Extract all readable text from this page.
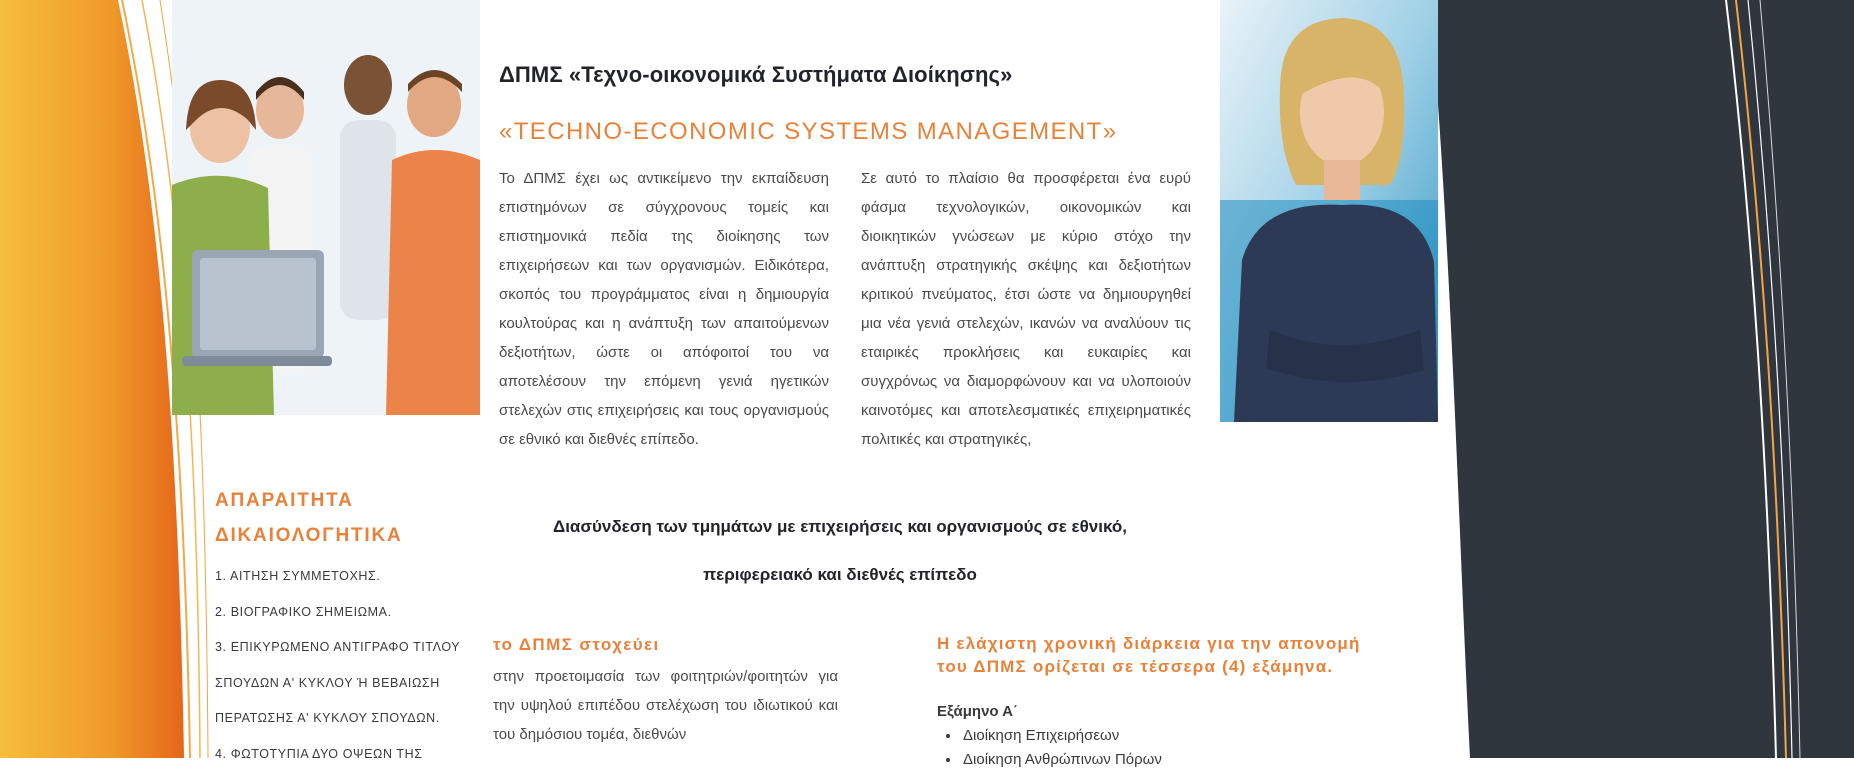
ΔΠΜΣ «Τεχνο-οικονομικά Συστήματα Διοίκησης»
«TECHNO-ECONOMIC SYSTEMS MANAGEMENT»
Το ΔΠΜΣ έχει ως αντικείμενο την εκπαίδευση επιστημόνων σε σύγχρονους τομείς και επιστημονικά πεδία της διοίκησης των επιχειρήσεων και των οργανισμών. Ειδικότερα, σκοπός του προγράμματος είναι η δημιουργία κουλτούρας και η ανάπτυξη των απαιτούμενων δεξιοτήτων, ώστε οι απόφοιτοί του να αποτελέσουν την επόμενη γενιά ηγετικών στελεχών στις επιχειρήσεις και τους οργανισμούς σε εθνικό και διεθνές επίπεδο.
Σε αυτό το πλαίσιο θα προσφέρεται ένα ευρύ φάσμα τεχνολογικών, οικονομικών και διοικητικών γνώσεων με κύριο στόχο την ανάπτυξη στρατηγικής σκέψης και δεξιοτήτων κριτικού πνεύματος, έτσι ώστε να δημιουργηθεί μια νέα γενιά στελεχών, ικανών να αναλύουν τις εταιρικές προκλήσεις και ευκαιρίες και συγχρόνως να διαμορφώνουν και να υλοποιούν καινοτόμες και αποτελεσματικές επιχειρηματικές πολιτικές και στρατηγικές,
Διασύνδεση των τμημάτων με επιχειρήσεις και οργανισμούς σε εθνικό,
περιφερειακό και διεθνές επίπεδο
ΑΠΑΡΑΙΤΗΤΑ
ΔΙΚΑΙΟΛΟΓΗΤΙΚΑ
1. ΑΙΤΗΣΗ ΣΥΜΜΕΤΟΧΗΣ.
2. ΒΙΟΓΡΑΦΙΚΟ ΣΗΜΕΙΩΜΑ.
3. ΕΠΙΚΥΡΩΜΕΝΟ ΑΝΤΙΓΡΑΦΟ ΤΙΤΛΟΥ
ΣΠΟΥΔΩΝ Α' ΚΥΚΛΟΥ Ή ΒΕΒΑΙΩΣΗ
ΠΕΡΑΤΩΣΗΣ Α' ΚΥΚΛΟΥ ΣΠΟΥΔΩΝ.
4. ΦΩΤΟΤΥΠΙΑ ΔΥΟ ΟΨΕΩΝ ΤΗΣ
το ΔΠΜΣ στοχεύει
στην προετοιμασία των φοιτητριών/φοιτητών για την υψηλού επιπέδου στελέχωση του ιδιωτικού και του δημόσιου τομέα, διεθνών
Η ελάχιστη χρονική διάρκεια για την απονομή του ΔΠΜΣ ορίζεται σε τέσσερα (4) εξάμηνα.
Εξάμηνο Α΄
• Διοίκηση Επιχειρήσεων
• Διοίκηση Ανθρώπινων Πόρων
